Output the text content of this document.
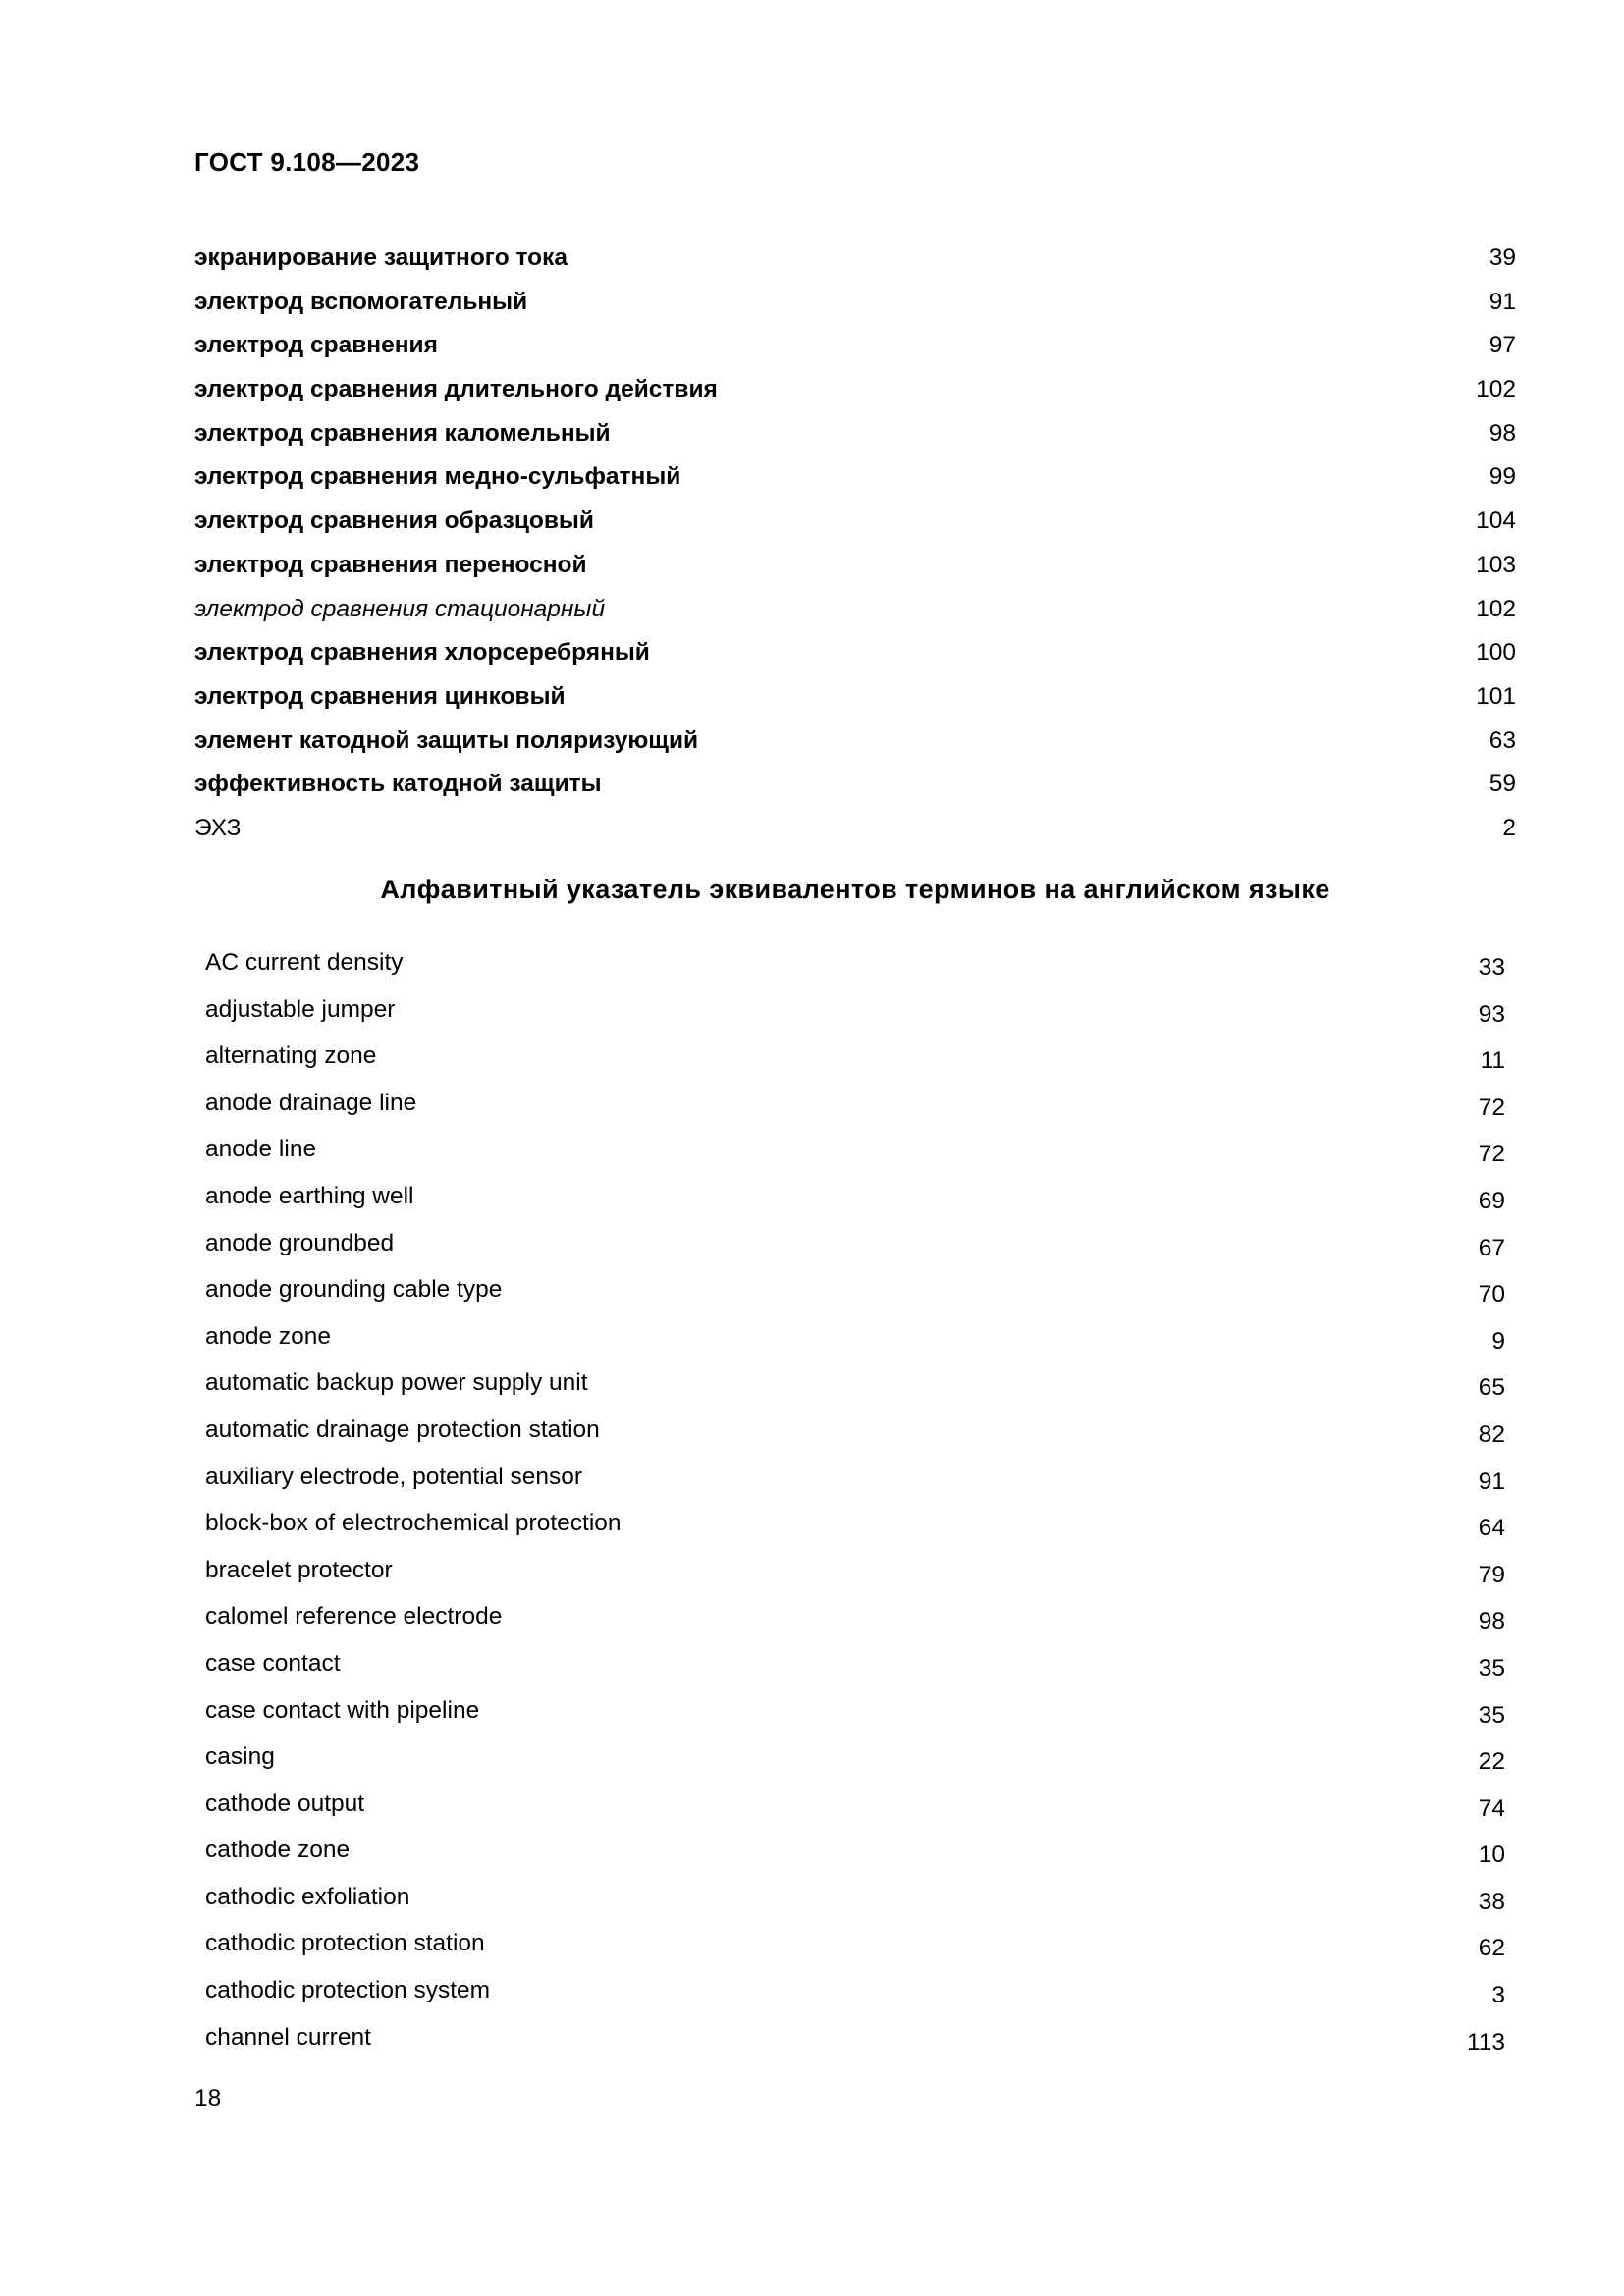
ГОСТ 9.108—2023
экранирование защитного тока	39
электрод вспомогательный	91
электрод сравнения	97
электрод сравнения длительного действия	102
электрод сравнения каломельный	98
электрод сравнения медно-сульфатный	99
электрод сравнения образцовый	104
электрод сравнения переносной	103
электрод сравнения стационарный	102
электрод сравнения хлорсеребряный	100
электрод сравнения цинковый	101
элемент катодной защиты поляризующий	63
эффективность катодной защиты	59
ЭХЗ	2
Алфавитный указатель эквивалентов терминов на английском языке
AC current density	33
adjustable jumper	93
alternating zone	11
anode drainage line	72
anode line	72
anode earthing well	69
anode groundbed	67
anode grounding cable type	70
anode zone	9
automatic backup power supply unit	65
automatic drainage protection station	82
auxiliary electrode, potential sensor	91
block-box of electrochemical protection	64
bracelet protector	79
calomel reference electrode	98
case contact	35
case contact with pipeline	35
casing	22
cathode output	74
cathode zone	10
cathodic exfoliation	38
cathodic protection station	62
cathodic protection system	3
channel current	113
18
